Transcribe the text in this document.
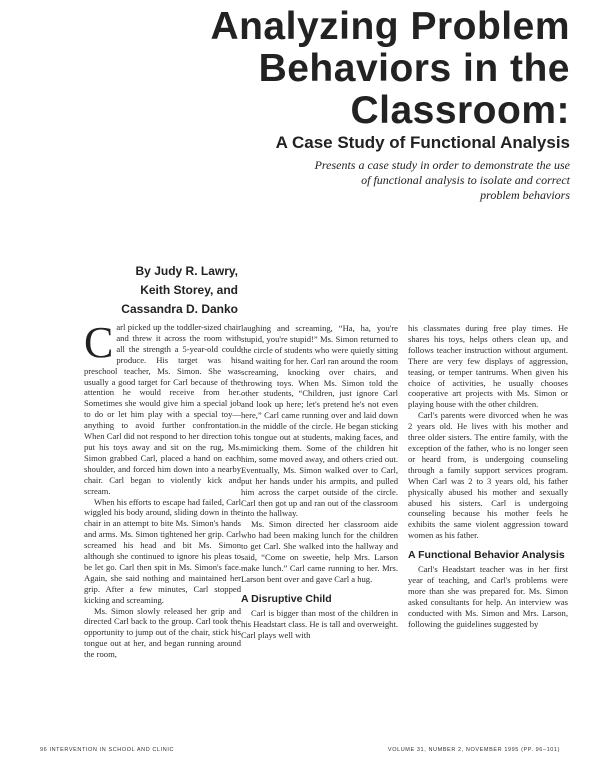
Analyzing Problem
Behaviors in the
Classroom:
A Case Study of Functional Analysis
Presents a case study in order to demonstrate the use
of functional analysis to isolate and correct
problem behaviors
By Judy R. Lawry,
Keith Storey, and
Cassandra D. Danko

Carl picked up the toddler-sized chair and threw it across the room with all the strength a 5-year-old could produce. His target was his preschool teacher, Ms. Simon. She was usually a good target for Carl because of the attention he would receive from her. Sometimes she would give him a special job to do or let him play with a special toy—anything to avoid further confrontation. When Carl did not respond to her direction to put his toys away and sit on the rug, Ms. Simon grabbed Carl, placed a hand on each shoulder, and forced him down into a nearby chair. Carl began to violently kick and scream.

When his efforts to escape had failed, Carl wiggled his body around, sliding down in the chair in an attempt to bite Ms. Simon's hands and arms. Ms. Simon tightened her grip. Carl screamed his head and bit Ms. Simon although she continued to ignore his pleas to be let go. Carl then spit in Ms. Simon's face. Again, she said nothing and maintained her grip. After a few minutes, Carl stopped kicking and screaming.

Ms. Simon slowly released her grip and directed Carl back to the group. Carl took the opportunity to jump out of the chair, stick his tongue out at her, and began running around the room,

laughing and screaming, “Ha, ha, you're stupid, you're stupid!” Ms. Simon returned to the circle of students who were quietly sitting and waiting for her. Carl ran around the room screaming, knocking over chairs, and throwing toys. When Ms. Simon told the other students, “Children, just ignore Carl and look up here; let's pretend he's not even here,” Carl came running over and laid down in the middle of the circle. He began sticking his tongue out at students, making faces, and mimicking them. Some of the children hit him, some moved away, and others cried out. Eventually, Ms. Simon walked over to Carl, put her hands under his armpits, and pulled him across the carpet outside of the circle. Carl then got up and ran out of the classroom into the hallway.

Ms. Simon directed her classroom aide who had been making lunch for the children to get Carl. She walked into the hallway and said, “Come on sweetie, help Mrs. Larson make lunch.” Carl came running to her. Mrs. Larson bent over and gave Carl a hug.

A Disruptive Child

Carl is bigger than most of the children in his Headstart class. He is tall and overweight. Carl plays well with

his classmates during free play times. He shares his toys, helps others clean up, and follows teacher instruction without argument. There are very few displays of aggression, teasing, or temper tantrums. When given his choice of activities, he usually chooses cooperative art projects with Ms. Simon or playing house with the other children.

Carl's parents were divorced when he was 2 years old. He lives with his mother and three older sisters. The entire family, with the exception of the father, who is no longer seen or heard from, is undergoing counseling through a family support services program. When Carl was 2 to 3 years old, his father physically abused his mother and sexually abused his sisters. Carl is undergoing counseling because his mother feels he exhibits the same violent aggression toward women as his father.

A Functional Behavior Analysis

Carl's Headstart teacher was in her first year of teaching, and Carl's problems were more than she was prepared for. Ms. Simon asked consultants for help. An interview was conducted with Ms. Simon and Mrs. Larson, following the guidelines suggested by

96 INTERVENTION IN SCHOOL AND CLINIC	VOLUME 31, NUMBER 2, NOVEMBER 1995 (PP. 96–101)
